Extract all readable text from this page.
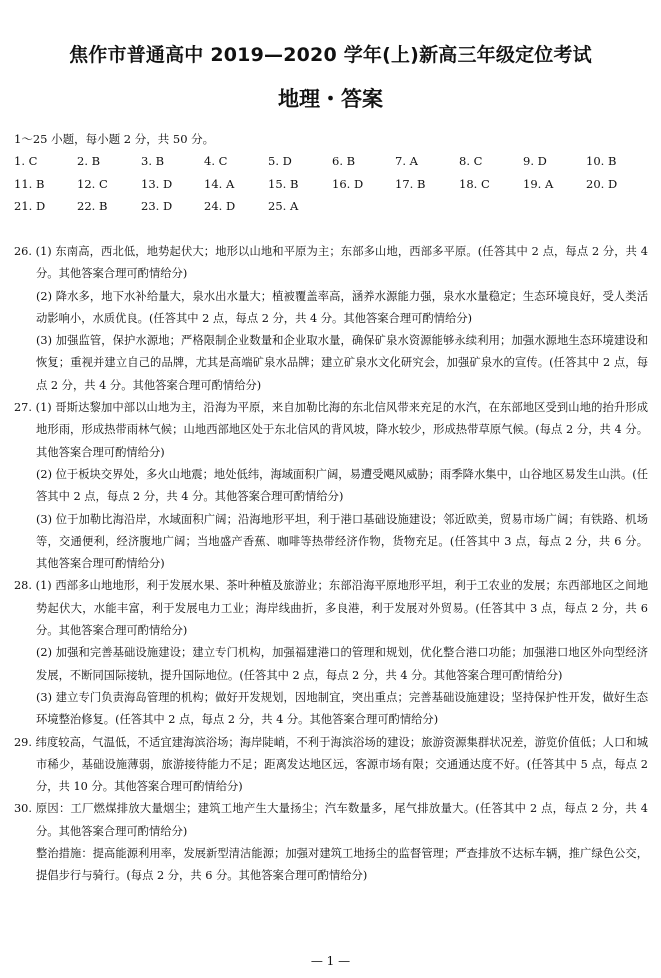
焦作市普通高中 2019—2020 学年(上)新高三年级定位考试
地理・答案
1～25 小题，每小题 2 分，共 50 分。
1. C	2. B	3. B	4. C	5. D	6. B	7. A	8. C	9. D	10. B
11. B	12. C	13. D	14. A	15. B	16. D	17. B	18. C	19. A	20. D
21. D	22. B	23. D	24. D	25. A

26. (1) 东南高，西北低，地势起伏大；地形以山地和平原为主；东部多山地，西部多平原。(任答其中 2 点，每点 2 分，共 4 分。其他答案合理可酌情给分)

(2) 降水多，地下水补给量大，泉水出水量大；植被覆盖率高，涵养水源能力强，泉水水量稳定；生态环境良好，受人类活动影响小，水质优良。(任答其中 2 点，每点 2 分，共 4 分。其他答案合理可酌情给分)

(3) 加强监管，保护水源地；严格限制企业数量和企业取水量，确保矿泉水资源能够永续利用；加强水源地生态环境建设和恢复；重视并建立自己的品牌，尤其是高端矿泉水品牌；建立矿泉水文化研究会，加强矿泉水的宣传。(任答其中 2 点，每点 2 分，共 4 分。其他答案合理可酌情给分)

27. (1) 哥斯达黎加中部以山地为主，沿海为平原，来自加勒比海的东北信风带来充足的水汽，在东部地区受到山地的抬升形成地形雨，形成热带雨林气候；山地西部地区处于东北信风的背风坡，降水较少，形成热带草原气候。(每点 2 分，共 4 分。其他答案合理可酌情给分)

(2) 位于板块交界处，多火山地震；地处低纬，海域面积广阔，易遭受飓风威胁；雨季降水集中，山谷地区易发生山洪。(任答其中 2 点，每点 2 分，共 4 分。其他答案合理可酌情给分)

(3) 位于加勒比海沿岸，水域面积广阔；沿海地形平坦，利于港口基础设施建设；邻近欧美，贸易市场广阔；有铁路、机场等，交通便利，经济腹地广阔；当地盛产香蕉、咖啡等热带经济作物，货物充足。(任答其中 3 点，每点 2 分，共 6 分。其他答案合理可酌情给分)

28. (1) 西部多山地地形，利于发展水果、茶叶种植及旅游业；东部沿海平原地形平坦，利于工农业的发展；东西部地区之间地势起伏大，水能丰富，利于发展电力工业；海岸线曲折，多良港，利于发展对外贸易。(任答其中 3 点，每点 2 分，共 6 分。其他答案合理可酌情给分)

(2) 加强和完善基础设施建设；建立专门机构，加强福建港口的管理和规划，优化整合港口功能；加强港口地区外向型经济发展，不断同国际接轨，提升国际地位。(任答其中 2 点，每点 2 分，共 4 分。其他答案合理可酌情给分)

(3) 建立专门负责海岛管理的机构；做好开发规划，因地制宜，突出重点；完善基础设施建设；坚持保护性开发，做好生态环境整治修复。(任答其中 2 点，每点 2 分，共 4 分。其他答案合理可酌情给分)

29. 纬度较高，气温低，不适宜建海滨浴场；海岸陡峭，不利于海滨浴场的建设；旅游资源集群状况差，游览价值低；人口和城市稀少，基础设施薄弱，旅游接待能力不足；距离发达地区远，客源市场有限；交通通达度不好。(任答其中 5 点，每点 2 分，共 10 分。其他答案合理可酌情给分)

30. 原因：工厂燃煤排放大量烟尘；建筑工地产生大量扬尘；汽车数量多，尾气排放量大。(任答其中 2 点，每点 2 分，共 4 分。其他答案合理可酌情给分)

整治措施：提高能源利用率，发展新型清洁能源；加强对建筑工地扬尘的监督管理；严查排放不达标车辆，推广绿色公交，提倡步行与骑行。(每点 2 分，共 6 分。其他答案合理可酌情给分)

— 1 —
